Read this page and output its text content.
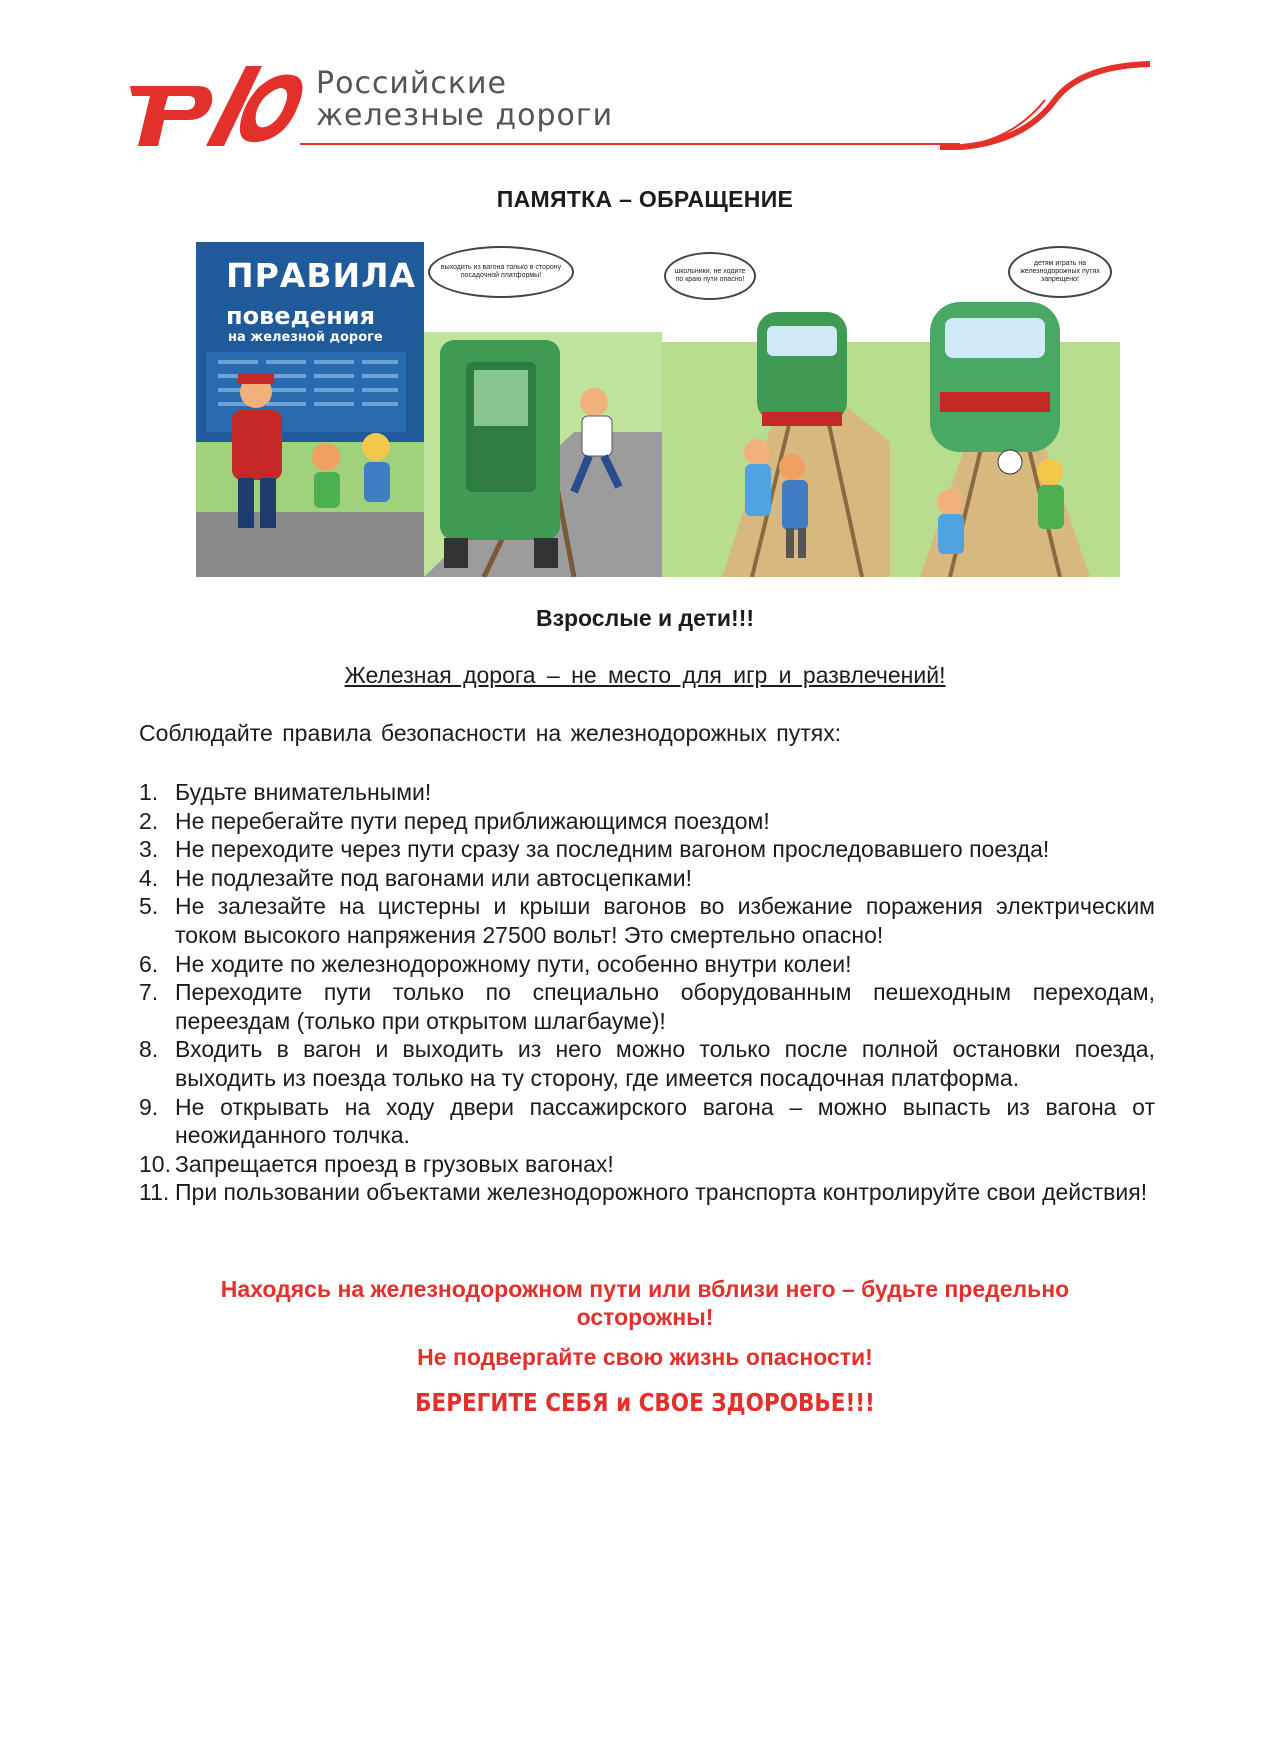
Российские
железные дороги
ПАМЯТКА – ОБРАЩЕНИЕ
ПРАВИЛА
поведения
на железной дороге
выходить из вагона только в сторону посадочной платформы!
школьники, не ходите по краю пути опасно!
детям играть на железнодорожных путях запрещено!
Взрослые и дети!!!
Железная дорога – не место для игр и развлечений!
Соблюдайте правила безопасности на железнодорожных путях:
1. Будьте внимательными!
2. Не перебегайте пути перед приближающимся поездом!
3. Не переходите через пути сразу за последним вагоном проследовавшего поезда!
4. Не подлезайте под вагонами или автосцепками!
5. Не залезайте на цистерны и крыши вагонов во избежание поражения электрическим током высокого напряжения 27500 вольт! Это смертельно опасно!
6. Не ходите по железнодорожному пути, особенно внутри колеи!
7. Переходите пути только по специально оборудованным пешеходным переходам, переездам (только при открытом шлагбауме)!
8. Входить в вагон и выходить из него можно только после полной остановки поезда, выходить из поезда только на ту сторону, где имеется посадочная платформа.
9. Не открывать на ходу двери пассажирского вагона – можно выпасть из вагона от неожиданного толчка.
10. Запрещается проезд в грузовых вагонах!
11. При пользовании объектами железнодорожного транспорта контролируйте свои действия!
Находясь на железнодорожном пути или вблизи него – будьте предельно осторожны!
Не подвергайте свою жизнь опасности!
БЕРЕГИТЕ СЕБЯ и СВОЕ ЗДОРОВЬЕ!!!
